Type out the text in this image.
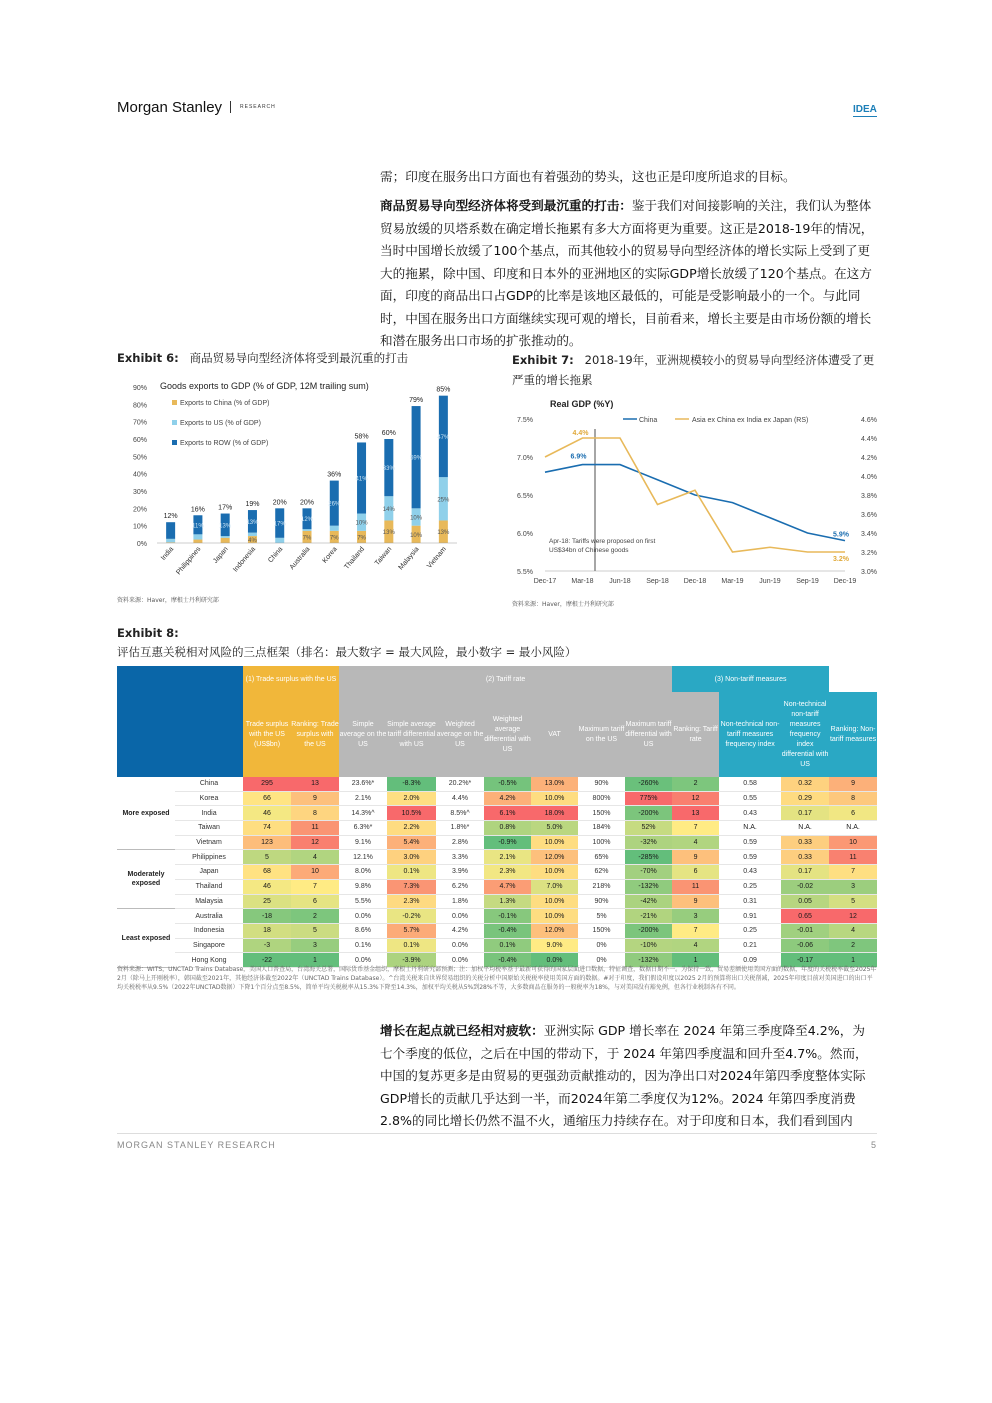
Morgan Stanley	RESEARCH	IDEA
需；印度在服务出口方面也有着强劲的势头，这也正是印度所追求的目标。
商品贸易导向型经济体将受到最沉重的打击：鉴于我们对间接影响的关注，我们认为整体贸易放缓的贝塔系数在确定增长拖累有多大方面将更为重要。这正是2018-19年的情况，当时中国增长放缓了100个基点，而其他较小的贸易导向型经济体的增长实际上受到了更大的拖累，除中国、印度和日本外的亚洲地区的实际GDP增长放缓了120个基点。在这方面，印度的商品出口占GDP的比率是该地区最低的，可能是受影响最小的一个。与此同时，中国在服务出口方面继续实现可观的增长，目前看来，增长主要是由市场份额的增长和潜在服务出口市场的扩张推动的。
Exhibit 6: 商品贸易导向型经济体将受到最沉重的打击
0%
10%
20%
30%
40%
50%
60%
70%
80%
90% Goods exports to GDP (% of GDP, 12M trailing sum)
Exports to China (% of GDP)
Exports to US (% of GDP)
Exports to ROW (% of GDP)
12%
India
11%
16%
Philippines
13%
17%
Japan
4%
13%
19%
Indonesia
17%
20%
China
7%
12%
20%
Australia
7%
26%
36%
Korea
7%
10%
41%
58%
Thailand
13%
14%
33%
60%
Taiwan
10%
10%
59%
79%
Malaysia
13%
25%
47%
85%
Vietnam
资料来源：Haver，摩根士丹利研究部
Exhibit 7: 2018-19年，亚洲规模较小的贸易导向型经济体遭受了更严重的增长拖累
Real GDP (%Y)
5.5%
6.0%
6.5%
7.0%
7.5%
3.0%
3.2%
3.4%
3.6%
3.8%
4.0%
4.2%
4.4%
4.6%
Dec-17 Mar-18 Jun-18 Sep-18 Dec-18 Mar-19 Jun-19 Sep-19 Dec-19
China	Asia ex China ex India ex Japan (RS)
4.4%
6.9%
5.9%
3.2%
Apr-18: Tariffs were proposed on first US$34bn of Chinese goods
资料来源：Haver，摩根士丹利研究部
Exhibit 8:
评估互惠关税相对风险的三点框架（排名：最大数字 = 最大风险，最小数字 = 最小风险）
		(1) Trade surplus with the US		(2) Tariff rate							(3) Non-tariff measures			
		Trade surplus with the US (US$bn)	Ranking: Trade surplus with the US	Simple average on the US	Simple average tariff differential with US	Weighted average on the US	Weighted average differential with US	VAT	Maximum tariff on the US	Maximum tariff differential with US	Ranking: Tariff rate	Non-technical non-tariff measures frequency index	Non-technical non-tariff measures frequency index differential with US	Ranking: Non-tariff measures
More exposed	China	295	13	23.6%*	-8.3%	20.2%*	-0.5%	13.0%	90%	-260%	2	0.58	0.32	9
	Korea	66	9	2.1%	2.0%	4.4%	4.2%	10.0%	800%	775%	12	0.55	0.29	8
	India	46	8	14.3%^	10.5%	8.5%^	6.1%	18.0%	150%	-200%	13	0.43	0.17	6
	Taiwan	74	11	6.3%*	2.2%	1.8%*	0.8%	5.0%	184%	52%	7	N.A.	N.A.	N.A.
	Vietnam	123	12	9.1%	5.4%	2.8%	-0.9%	10.0%	100%	-32%	4	0.59	0.33	10
Moderately exposed	Philippines	5	4	12.1%	3.0%	3.3%	2.1%	12.0%	65%	-285%	9	0.59	0.33	11
	Japan	68	10	8.0%	0.1%	3.9%	2.3%	10.0%	62%	-70%	6	0.43	0.17	7
	Thailand	46	7	9.8%	7.3%	6.2%	4.7%	7.0%	218%	-132%	11	0.25	-0.02	3
	Malaysia	25	6	5.5%	2.3%	1.8%	1.3%	10.0%	90%	-42%	9	0.31	0.05	5
Least exposed	Australia	-18	2	0.0%	-0.2%	0.0%	-0.1%	10.0%	5%	-21%	3	0.91	0.65	12
	Indonesia	18	5	8.6%	5.7%	4.2%	-0.4%	12.0%	150%	-200%	7	0.25	-0.01	4
	Singapore	-3	3	0.1%	0.1%	0.0%	0.1%	9.0%	0%	-10%	4	0.21	-0.06	2
	Hong Kong	-22	1	0.0%	-3.9%	0.0%	-0.4%	0.0%	0%	-132%	1	0.09	-0.17	1
资料来源：WITS，UNCTAD Trains Database，美国人口普查局，台湾海关总署，国际货币基金组织，摩根士丹利研究部预测；注：加权平均税率基于最新可获得的国家层面进口数据，特征调查，数据日期不一。为保持一致，贸易差额使用美国方面的数据，年度的关税税率截至2025年2月（除马上开刚税率），韩国截至2021年，其他经济体截至2022年（UNCTAD Trains Database）。^台湾关税来自世界贸易组织的关税分析中国原始关税税率使用美国方面的数据。#对于印度，我们假设印度以2025 2月的预算将出口关税削减，2025年印度目前对美国进口的出口平均关税税率从9.5%（2022年UNCTAD数据）下降1个百分点至8.5%，简单平均关税税率从15.3%下降至14.3%，加权平均关税从5%到28%不等，大多数商品在服务的一般税率为18%，与对美国没有豁免例，但各行业税制各有不同。
增长在起点就已经相对疲软：亚洲实际 GDP 增长率在 2024 年第三季度降至4.2%，为七个季度的低位，之后在中国的带动下，于 2024 年第四季度温和回升至4.7%。然而，中国的复苏更多是由贸易的更强劲贡献推动的，因为净出口对2024年第四季度整体实际GDP增长的贡献几乎达到一半，而2024年第二季度仅为12%。2024 年第四季度消费2.8%的同比增长仍然不温不火，通缩压力持续存在。对于印度和日本，我们看到国内
MORGAN STANLEY RESEARCH	5
